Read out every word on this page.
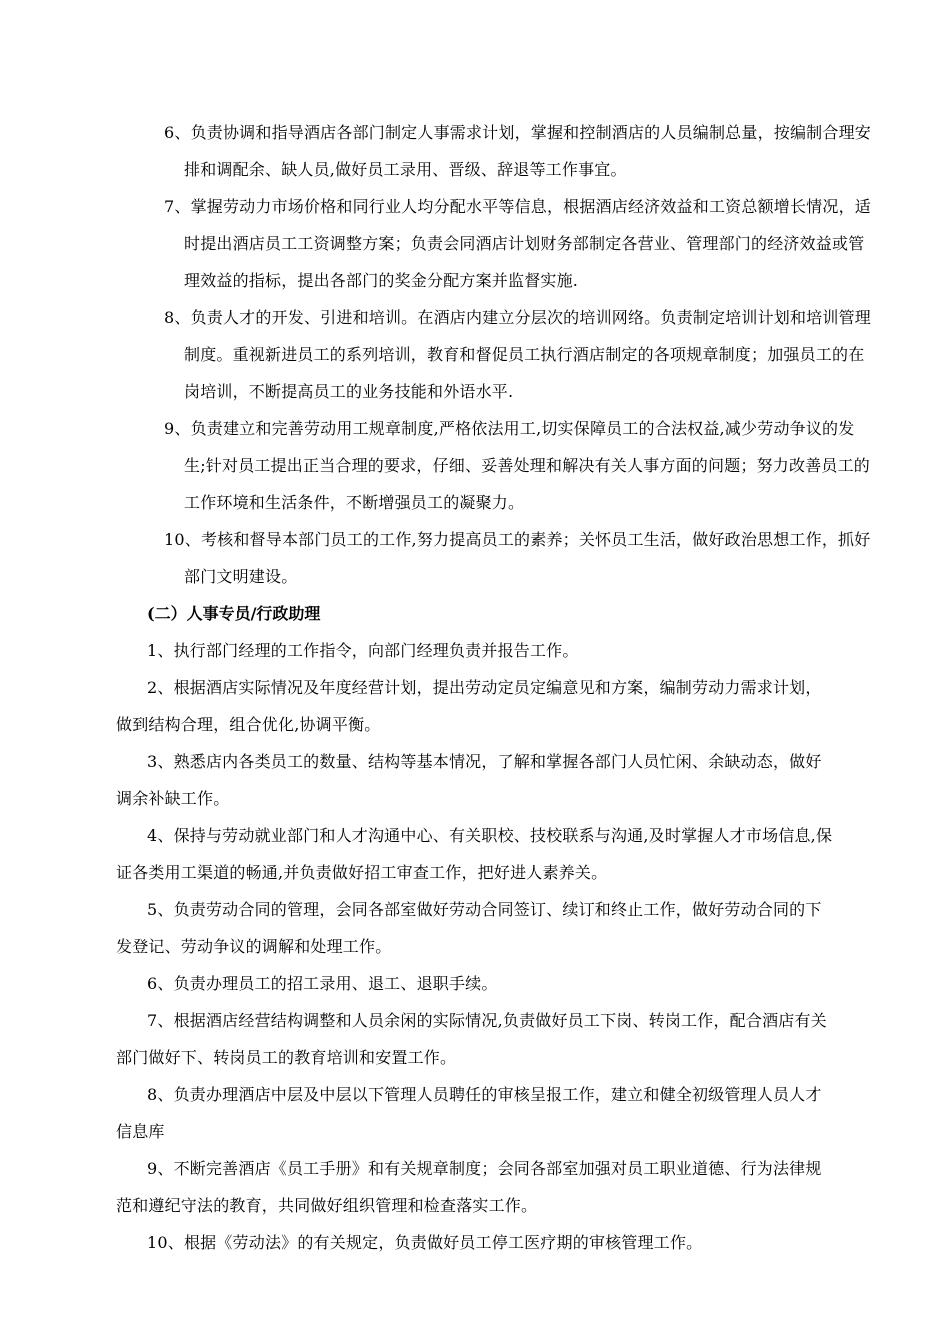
6、负责协调和指导酒店各部门制定人事需求计划，掌握和控制酒店的人员编制总量，按编制合理安排和调配余、缺人员,做好员工录用、晋级、辞退等工作事宜。

7、掌握劳动力市场价格和同行业人均分配水平等信息，根据酒店经济效益和工资总额增长情况，适时提出酒店员工工资调整方案；负责会同酒店计划财务部制定各营业、管理部门的经济效益或管理效益的指标，提出各部门的奖金分配方案并监督实施.

8、负责人才的开发、引进和培训。在酒店内建立分层次的培训网络。负责制定培训计划和培训管理制度。重视新进员工的系列培训，教育和督促员工执行酒店制定的各项规章制度；加强员工的在岗培训，不断提高员工的业务技能和外语水平.

9、负责建立和完善劳动用工规章制度,严格依法用工,切实保障员工的合法权益,减少劳动争议的发生;针对员工提出正当合理的要求，仔细、妥善处理和解决有关人事方面的问题；努力改善员工的工作环境和生活条件，不断增强员工的凝聚力。

10、考核和督导本部门员工的工作,努力提高员工的素养；关怀员工生活，做好政治思想工作，抓好部门文明建设。

(二）人事专员/行政助理

1、执行部门经理的工作指令，向部门经理负责并报告工作。

2、根据酒店实际情况及年度经营计划，提出劳动定员定编意见和方案，编制劳动力需求计划，做到结构合理，组合优化,协调平衡。

3、熟悉店内各类员工的数量、结构等基本情况，了解和掌握各部门人员忙闲、余缺动态，做好调余补缺工作。

4、保持与劳动就业部门和人才沟通中心、有关职校、技校联系与沟通,及时掌握人才市场信息,保证各类用工渠道的畅通,并负责做好招工审查工作，把好进人素养关。

5、负责劳动合同的管理，会同各部室做好劳动合同签订、续订和终止工作，做好劳动合同的下发登记、劳动争议的调解和处理工作。

6、负责办理员工的招工录用、退工、退职手续。

7、根据酒店经营结构调整和人员余闲的实际情况,负责做好员工下岗、转岗工作，配合酒店有关部门做好下、转岗员工的教育培训和安置工作。

8、负责办理酒店中层及中层以下管理人员聘任的审核呈报工作，建立和健全初级管理人员人才信息库

9、不断完善酒店《员工手册》和有关规章制度；会同各部室加强对员工职业道德、行为法律规范和遵纪守法的教育，共同做好组织管理和检查落实工作。

10、根据《劳动法》的有关规定，负责做好员工停工医疗期的审核管理工作。
